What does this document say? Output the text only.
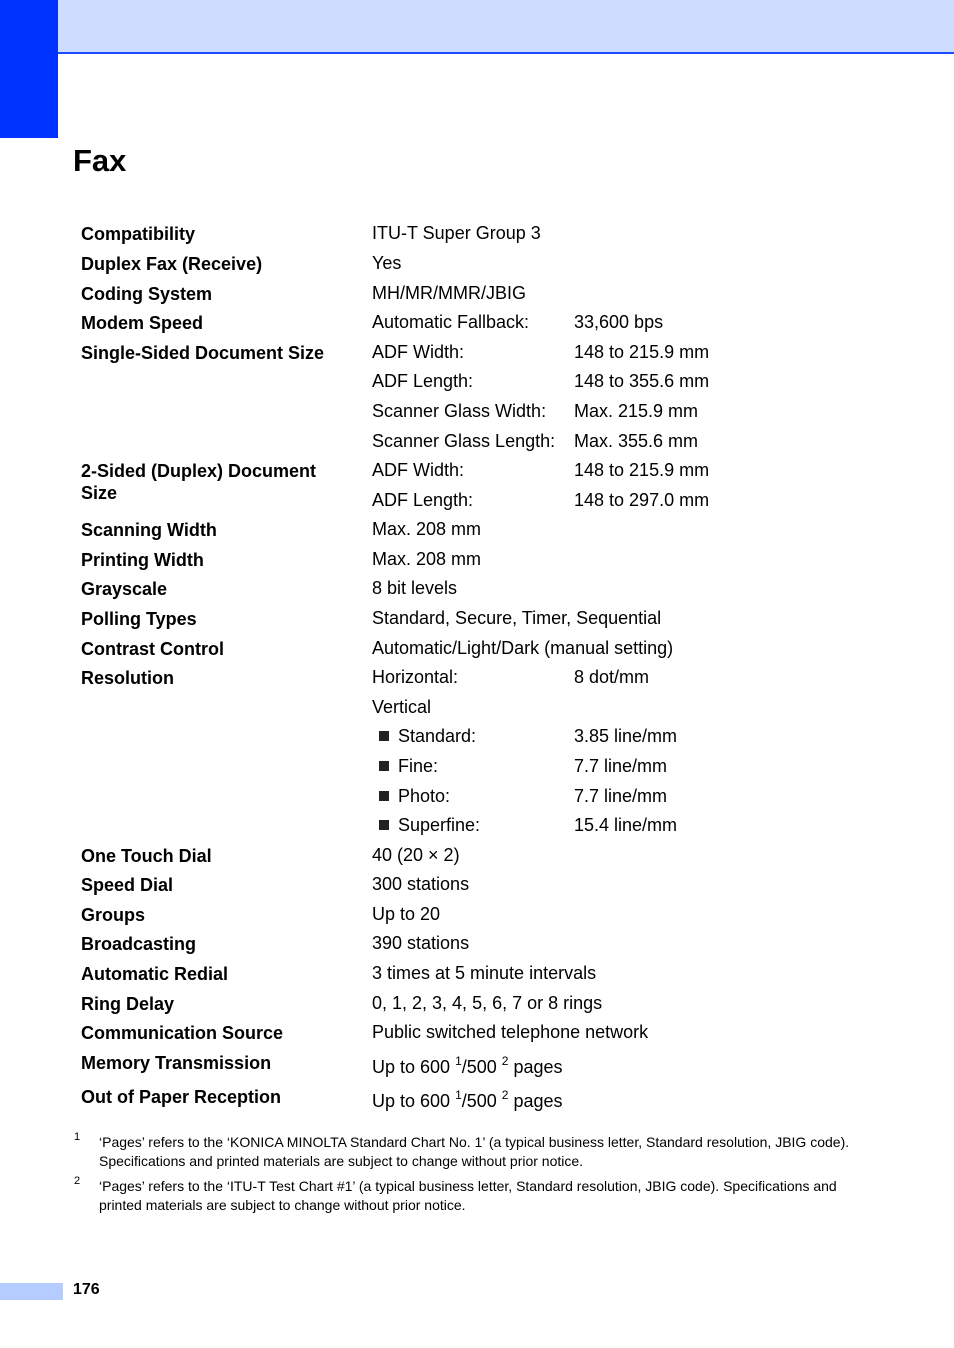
Fax
Compatibility	ITU-T Super Group 3
Duplex Fax (Receive)	Yes
Coding System	MH/MR/MMR/JBIG
Modem Speed	Automatic Fallback: 33,600 bps
Single-Sided Document Size	ADF Width:	148 to 215.9 mm
ADF Length:	148 to 355.6 mm
Scanner Glass Width: Max. 215.9 mm
Scanner Glass Length: Max. 355.6 mm
2-Sided (Duplex) Document Size
ADF Width:	148 to 215.9 mm
ADF Length:	148 to 297.0 mm
Scanning Width	Max. 208 mm
Printing Width	Max. 208 mm
Grayscale	8 bit levels
Polling Types	Standard, Secure, Timer, Sequential
Contrast Control	Automatic/Light/Dark (manual setting)
Resolution	Horizontal:	8 dot/mm
Vertical
Standard:	3.85 line/mm
Fine:	7.7 line/mm
Photo:	7.7 line/mm
Superfine:	15.4 line/mm
One Touch Dial	40 (20 × 2)
Speed Dial	300 stations
Groups	Up to 20
Broadcasting	390 stations
Automatic Redial	3 times at 5 minute intervals
Ring Delay	0, 1, 2, 3, 4, 5, 6, 7 or 8 rings
Communication Source	Public switched telephone network
Memory Transmission	Up to 600 $^1$/500 $^2$ pages
Out of Paper Reception	Up to 600 $^1$/500 $^2$ pages
1 ‘Pages’ refers to the ‘KONICA MINOLTA Standard Chart No. 1’ (a typical business letter, Standard resolution, JBIG code). Specifications and printed materials are subject to change without prior notice.
2 ‘Pages’ refers to the ‘ITU-T Test Chart #1’ (a typical business letter, Standard resolution, JBIG code). Specifications and printed materials are subject to change without prior notice.
176
